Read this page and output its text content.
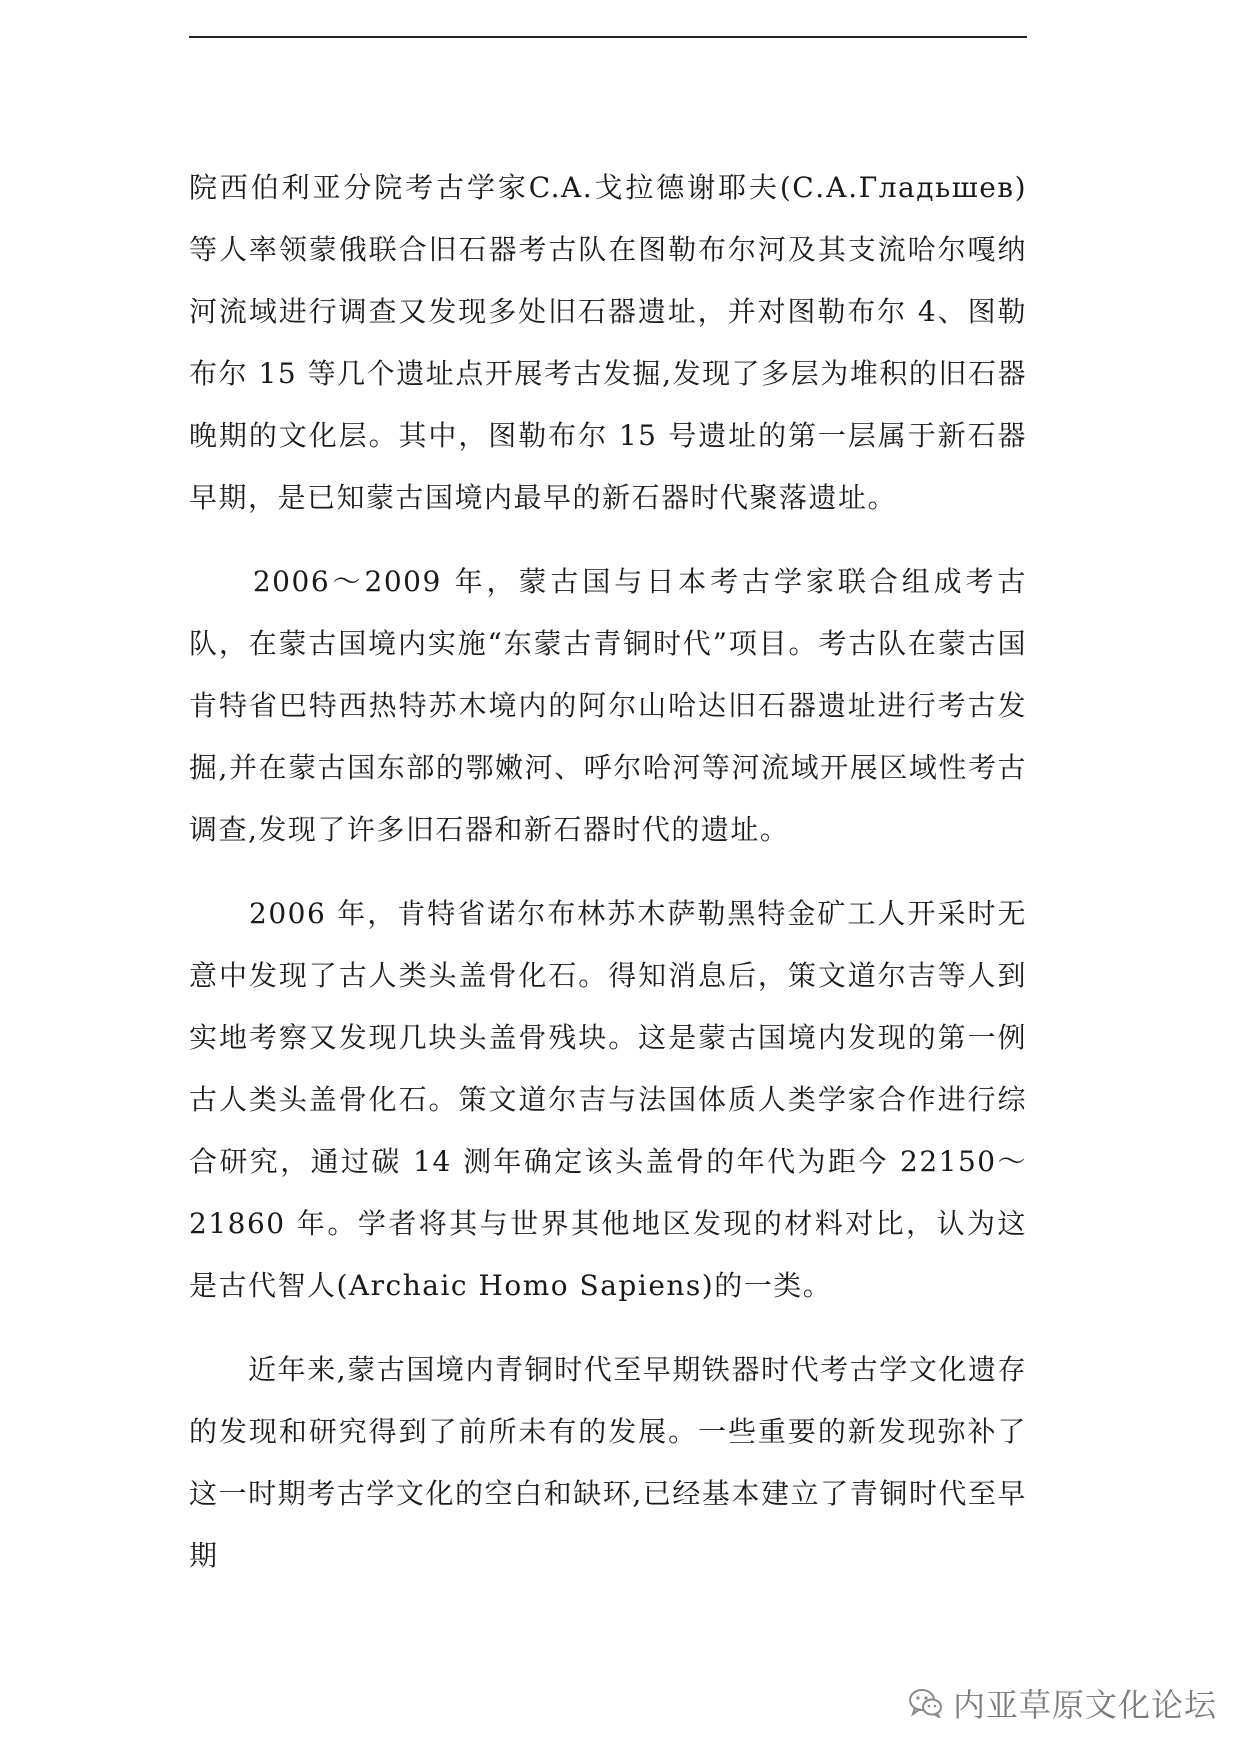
院西伯利亚分院考古学家C.A.戈拉德谢耶夫(С.А.Гладьшев)等人率领蒙俄联合旧石器考古队在图勒布尔河及其支流哈尔嘎纳河流域进行调查又发现多处旧石器遗址，并对图勒布尔 4、图勒布尔 15 等几个遗址点开展考古发掘,发现了多层为堆积的旧石器晚期的文化层。其中，图勒布尔 15 号遗址的第一层属于新石器早期，是已知蒙古国境内最早的新石器时代聚落遗址。

　　2006～2009 年，蒙古国与日本考古学家联合组成考古队，在蒙古国境内实施“东蒙古青铜时代”项目。考古队在蒙古国肯特省巴特西热特苏木境内的阿尔山哈达旧石器遗址进行考古发掘,并在蒙古国东部的鄂嫩河、呼尔哈河等河流域开展区域性考古调查,发现了许多旧石器和新石器时代的遗址。

　　2006 年，肯特省诺尔布林苏木萨勒黑特金矿工人开采时无意中发现了古人类头盖骨化石。得知消息后，策文道尔吉等人到实地考察又发现几块头盖骨残块。这是蒙古国境内发现的第一例古人类头盖骨化石。策文道尔吉与法国体质人类学家合作进行综合研究，通过碳 14 测年确定该头盖骨的年代为距今 22150～21860 年。学者将其与世界其他地区发现的材料对比，认为这是古代智人(Archaic Homo Sapiens)的一类。

　　近年来,蒙古国境内青铜时代至早期铁器时代考古学文化遗存的发现和研究得到了前所未有的发展。一些重要的新发现弥补了这一时期考古学文化的空白和缺环,已经基本建立了青铜时代至早期

内亚草原文化论坛
